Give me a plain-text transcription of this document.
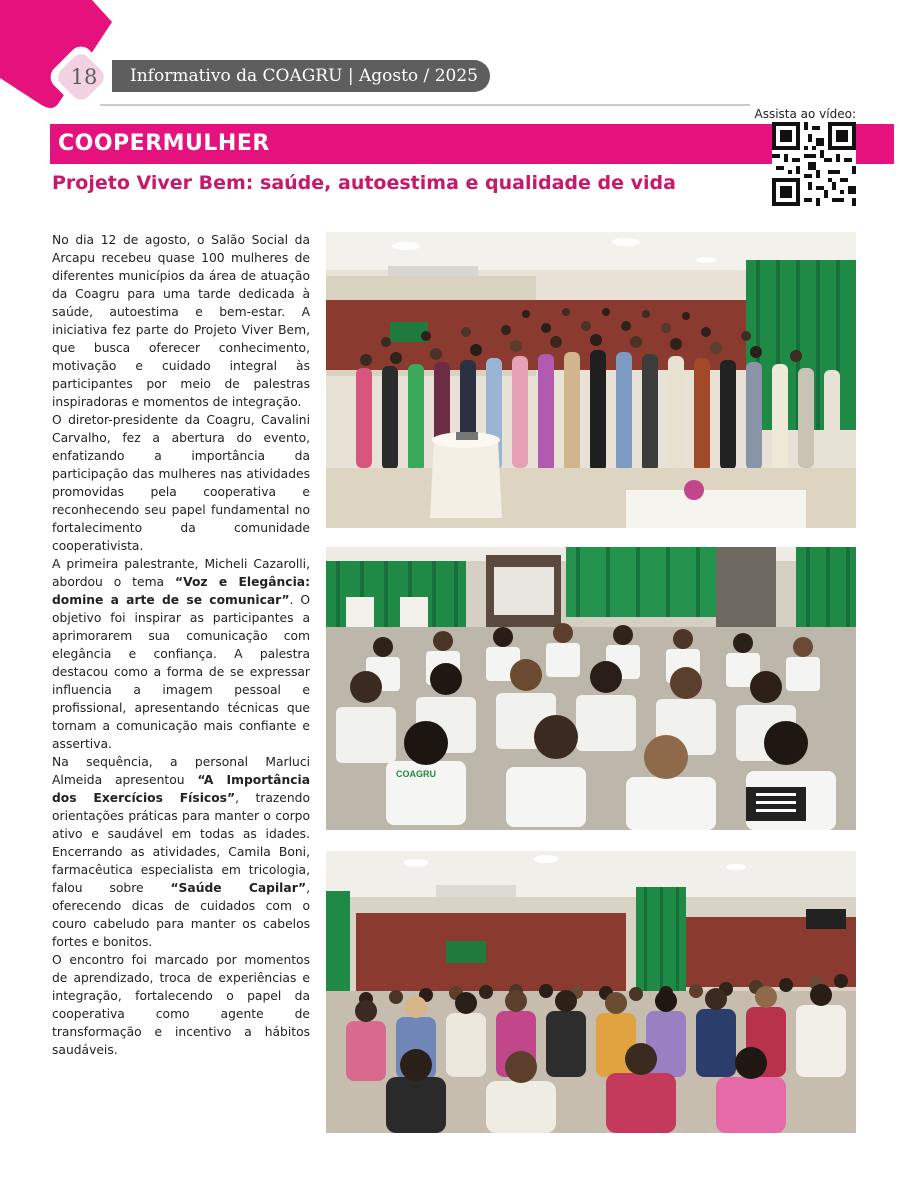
18	Informativo da COAGRU | Agosto / 2025
Assista ao vídeo:
COOPERMULHER
Projeto Viver Bem: saúde, autoestima e qualidade de vida

No dia 12 de agosto, o Salão Social da Arcapu recebeu quase 100 mulheres de diferentes municípios da área de atuação da Coagru para uma tarde dedicada à saúde, autoestima e bem-estar. A iniciativa fez parte do Projeto Viver Bem, que busca oferecer conhecimento, motivação e cuidado integral às participantes por meio de palestras inspiradoras e momentos de integração.

O diretor-presidente da Coagru, Cavalini Carvalho, fez a abertura do evento, enfatizando a importância da participação das mulheres nas atividades promovidas pela cooperativa e reconhecendo seu papel fundamental no fortalecimento da comunidade cooperativista.

A primeira palestrante, Micheli Cazarolli, abordou o tema “Voz e Elegância: domine a arte de se comunicar”. O objetivo foi inspirar as participantes a aprimorarem sua comunicação com elegância e confiança. A palestra destacou como a forma de se expressar influencia a imagem pessoal e profissional, apresentando técnicas que tornam a comunicação mais confiante e assertiva.

Na sequência, a personal Marluci Almeida apresentou “A Importância dos Exercícios Físicos”, trazendo orientações práticas para manter o corpo ativo e saudável em todas as idades. Encerrando as atividades, Camila Boni, farmacêutica especialista em tricologia, falou sobre “Saúde Capilar”, oferecendo dicas de cuidados com o couro cabeludo para manter os cabelos fortes e bonitos.

O encontro foi marcado por momentos de aprendizado, troca de experiências e integração, fortalecendo o papel da cooperativa como agente de transformação e incentivo a hábitos saudáveis.

COAGRU
